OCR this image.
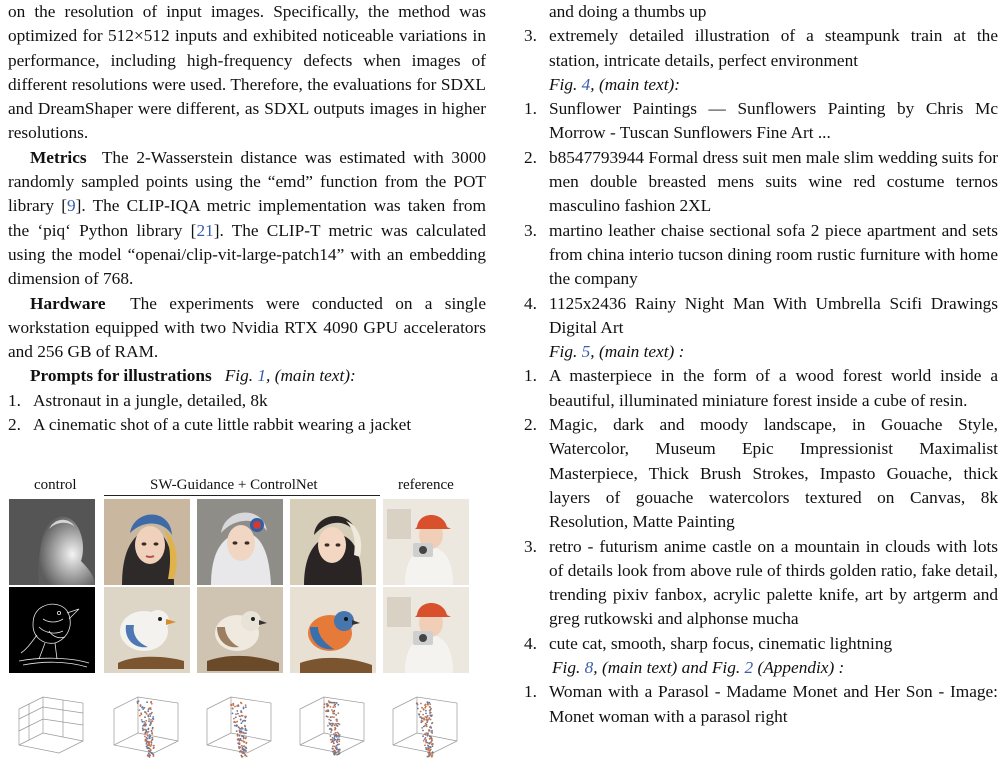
on the resolution of input images. Specifically, the method was optimized for 512×512 inputs and exhibited noticeable variations in performance, including high-frequency defects when images of different resolutions were used. Therefore, the evaluations for SDXL and DreamShaper were different, as SDXL outputs images in higher resolutions.

Metrics The 2-Wasserstein distance was estimated with 3000 randomly sampled points using the “emd” function from the POT library [9]. The CLIP-IQA metric implementation was taken from the ‘piq‘ Python library [21]. The CLIP-T metric was calculated using the model “openai/clip-vit-large-patch14” with an embedding dimension of 768.

Hardware The experiments were conducted on a single workstation equipped with two Nvidia RTX 4090 GPU accelerators and 256 GB of RAM.

Prompts for illustrations Fig. 1, (main text):

1. Astronaut in a jungle, detailed, 8k
2. A cinematic shot of a cute little rabbit wearing a jacket
control	SW-Guidance + ControlNet	reference

and doing a thumbs up

3. extremely detailed illustration of a steampunk train at the station, intricate details, perfect environment

Fig. 4, (main text):

1. Sunflower Paintings — Sunflowers Painting by Chris Mc Morrow - Tuscan Sunflowers Fine Art ...
2. b8547793944 Formal dress suit men male slim wedding suits for men double breasted mens suits wine red costume ternos masculino fashion 2XL
3. martino leather chaise sectional sofa 2 piece apartment and sets from china interio tucson dining room rustic furniture with home the company
4. 1125x2436 Rainy Night Man With Umbrella Scifi Drawings Digital Art

Fig. 5, (main text) :

1. A masterpiece in the form of a wood forest world inside a beautiful, illuminated miniature forest inside a cube of resin.
2. Magic, dark and moody landscape, in Gouache Style, Watercolor, Museum Epic Impressionist Maximalist Masterpiece, Thick Brush Strokes, Impasto Gouache, thick layers of gouache watercolors textured on Canvas, 8k Resolution, Matte Painting
3. retro - futurism anime castle on a mountain in clouds with lots of details look from above rule of thirds golden ratio, fake detail, trending pixiv fanbox, acrylic palette knife, art by artgerm and greg rutkowski and alphonse mucha
4. cute cat, smooth, sharp focus, cinematic lightning

Fig. 8, (main text) and Fig. 2 (Appendix) :

1. Woman with a Parasol - Madame Monet and Her Son - Image: Monet woman with a parasol right
